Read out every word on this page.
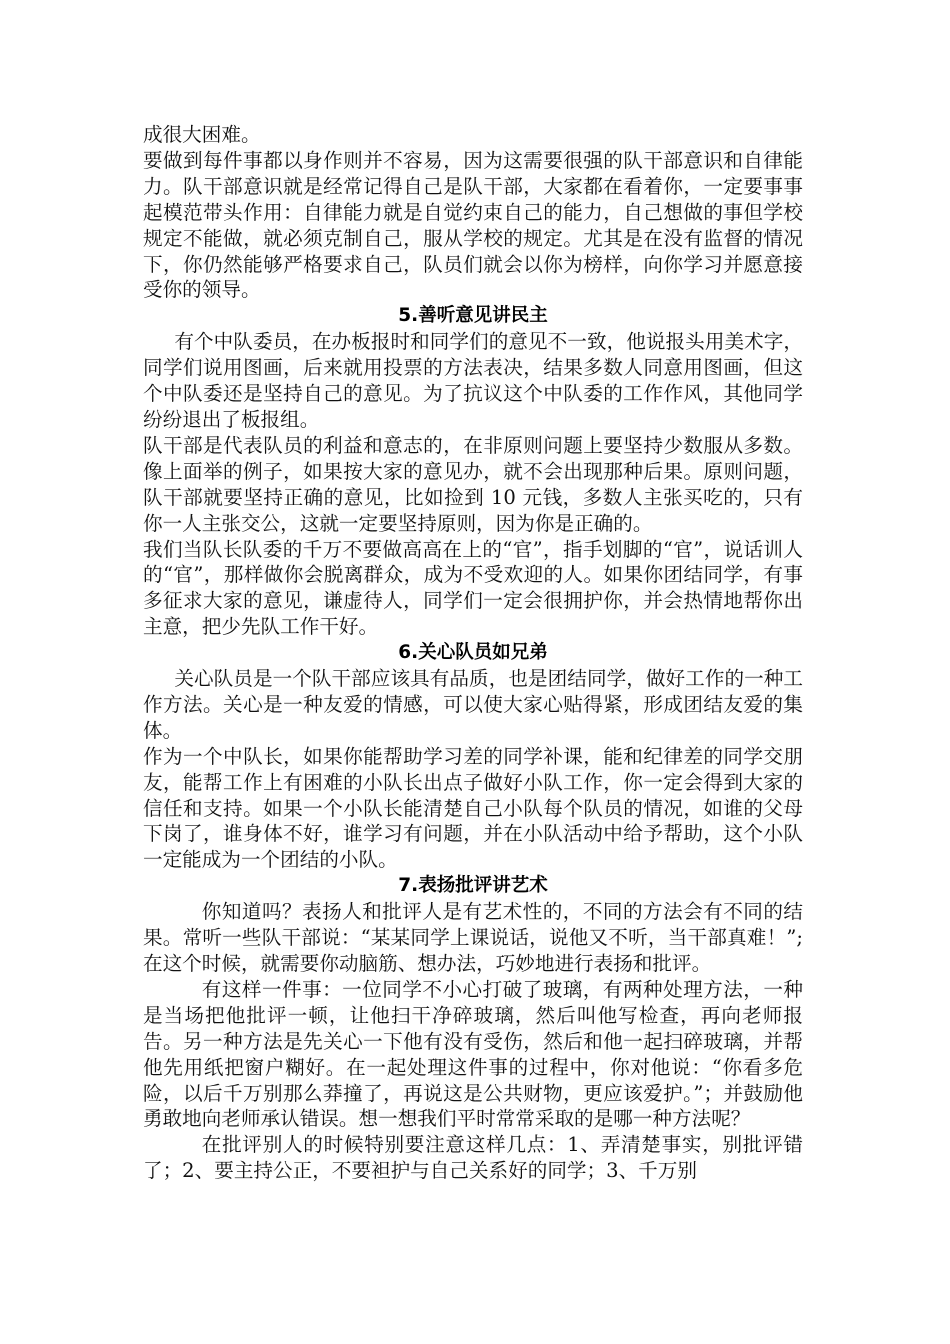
成很大困难。

要做到每件事都以身作则并不容易，因为这需要很强的队干部意识和自律能力。队干部意识就是经常记得自己是队干部，大家都在看着你，一定要事事起模范带头作用：自律能力就是自觉约束自己的能力，自己想做的事但学校规定不能做，就必须克制自己，服从学校的规定。尤其是在没有监督的情况下，你仍然能够严格要求自己，队员们就会以你为榜样，向你学习并愿意接受你的领导。

5.善听意见讲民主

有个中队委员，在办板报时和同学们的意见不一致，他说报头用美术字，同学们说用图画，后来就用投票的方法表决，结果多数人同意用图画，但这个中队委还是坚持自己的意见。为了抗议这个中队委的工作作风，其他同学纷纷退出了板报组。

队干部是代表队员的利益和意志的，在非原则问题上要坚持少数服从多数。像上面举的例子，如果按大家的意见办，就不会出现那种后果。原则问题，队干部就要坚持正确的意见，比如捡到 10 元钱，多数人主张买吃的，只有你一人主张交公，这就一定要坚持原则，因为你是正确的。

我们当队长队委的千万不要做高高在上的“官”，指手划脚的“官”，说话训人的“官”，那样做你会脱离群众，成为不受欢迎的人。如果你团结同学，有事多征求大家的意见，谦虚待人，同学们一定会很拥护你，并会热情地帮你出主意，把少先队工作干好。

6.关心队员如兄弟

关心队员是一个队干部应该具有品质，也是团结同学，做好工作的一种工作方法。关心是一种友爱的情感，可以使大家心贴得紧，形成团结友爱的集体。

作为一个中队长，如果你能帮助学习差的同学补课，能和纪律差的同学交朋友，能帮工作上有困难的小队长出点子做好小队工作，你一定会得到大家的信任和支持。如果一个小队长能清楚自己小队每个队员的情况，如谁的父母下岗了，谁身体不好，谁学习有问题，并在小队活动中给予帮助，这个小队一定能成为一个团结的小队。

7.表扬批评讲艺术

你知道吗？表扬人和批评人是有艺术性的，不同的方法会有不同的结果。常听一些队干部说：“某某同学上课说话，说他又不听，当干部真难！”;在这个时候，就需要你动脑筋、想办法，巧妙地进行表扬和批评。

有这样一件事：一位同学不小心打破了玻璃，有两种处理方法，一种是当场把他批评一顿，让他扫干净碎玻璃，然后叫他写检查，再向老师报告。另一种方法是先关心一下他有没有受伤，然后和他一起扫碎玻璃，并帮他先用纸把窗户糊好。在一起处理这件事的过程中，你对他说：“你看多危险，以后千万别那么莽撞了，再说这是公共财物，更应该爱护。”；并鼓励他勇敢地向老师承认错误。想一想我们平时常常采取的是哪一种方法呢？

在批评别人的时候特别要注意这样几点：1、弄清楚事实，别批评错了；2、要主持公正，不要袒护与自己关系好的同学；3、千万别
